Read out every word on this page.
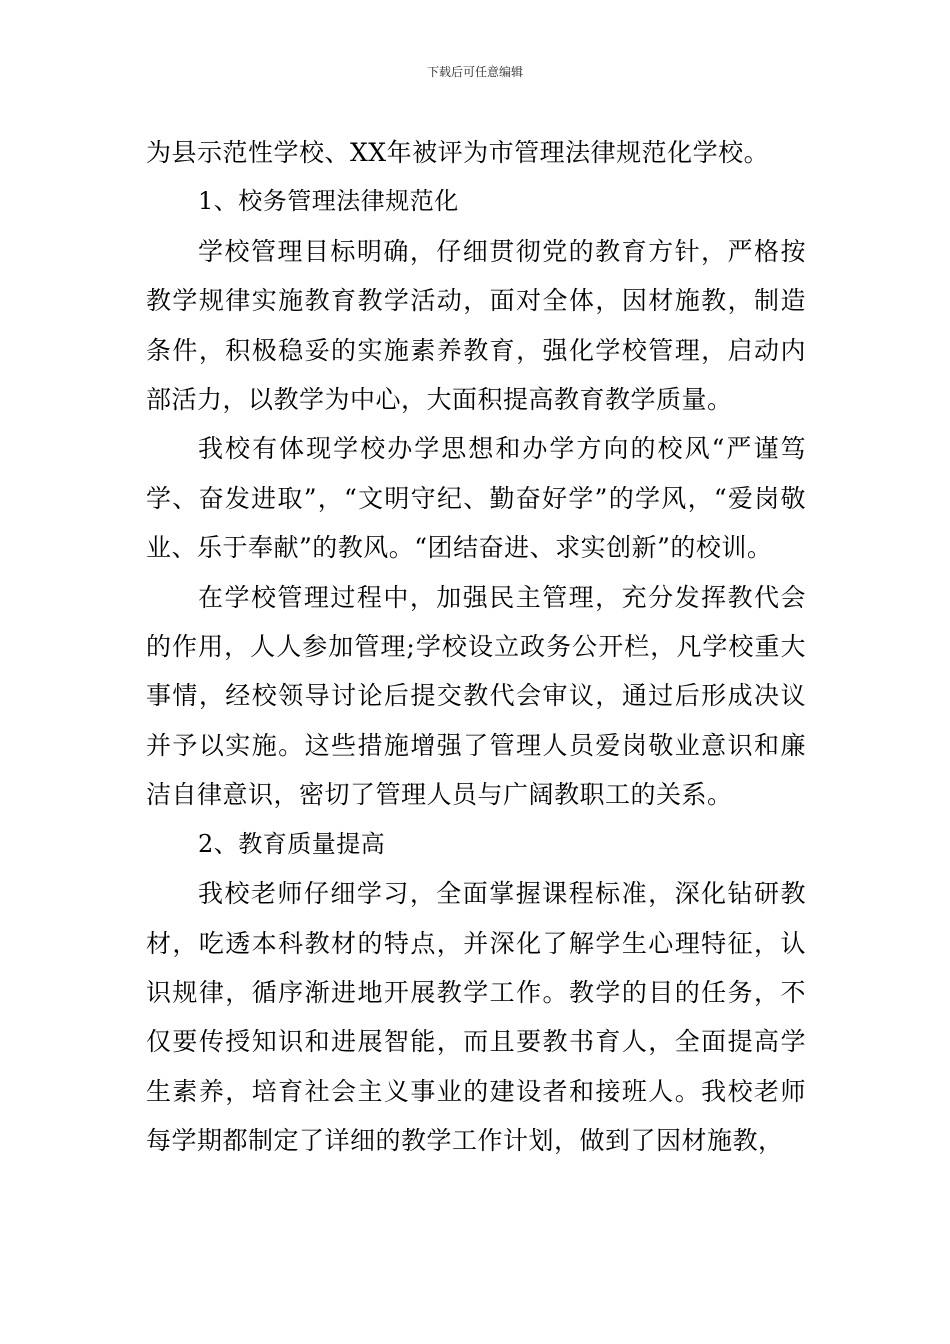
下载后可任意编辑

为县示范性学校、XX年被评为市管理法律规范化学校。

1、校务管理法律规范化

学校管理目标明确，仔细贯彻党的教育方针，严格按教学规律实施教育教学活动，面对全体，因材施教，制造条件，积极稳妥的实施素养教育，强化学校管理，启动内部活力，以教学为中心，大面积提高教育教学质量。

我校有体现学校办学思想和办学方向的校风“严谨笃学、奋发进取”，“文明守纪、勤奋好学”的学风，“爱岗敬业、乐于奉献”的教风。“团结奋进、求实创新”的校训。

在学校管理过程中，加强民主管理，充分发挥教代会的作用，人人参加管理;学校设立政务公开栏，凡学校重大事情，经校领导讨论后提交教代会审议，通过后形成决议并予以实施。这些措施增强了管理人员爱岗敬业意识和廉洁自律意识，密切了管理人员与广阔教职工的关系。

2、教育质量提高

我校老师仔细学习，全面掌握课程标准，深化钻研教材，吃透本科教材的特点，并深化了解学生心理特征，认识规律，循序渐进地开展教学工作。教学的目的任务，不仅要传授知识和进展智能，而且要教书育人，全面提高学生素养，培育社会主义事业的建设者和接班人。我校老师每学期都制定了详细的教学工作计划，做到了因材施教，
